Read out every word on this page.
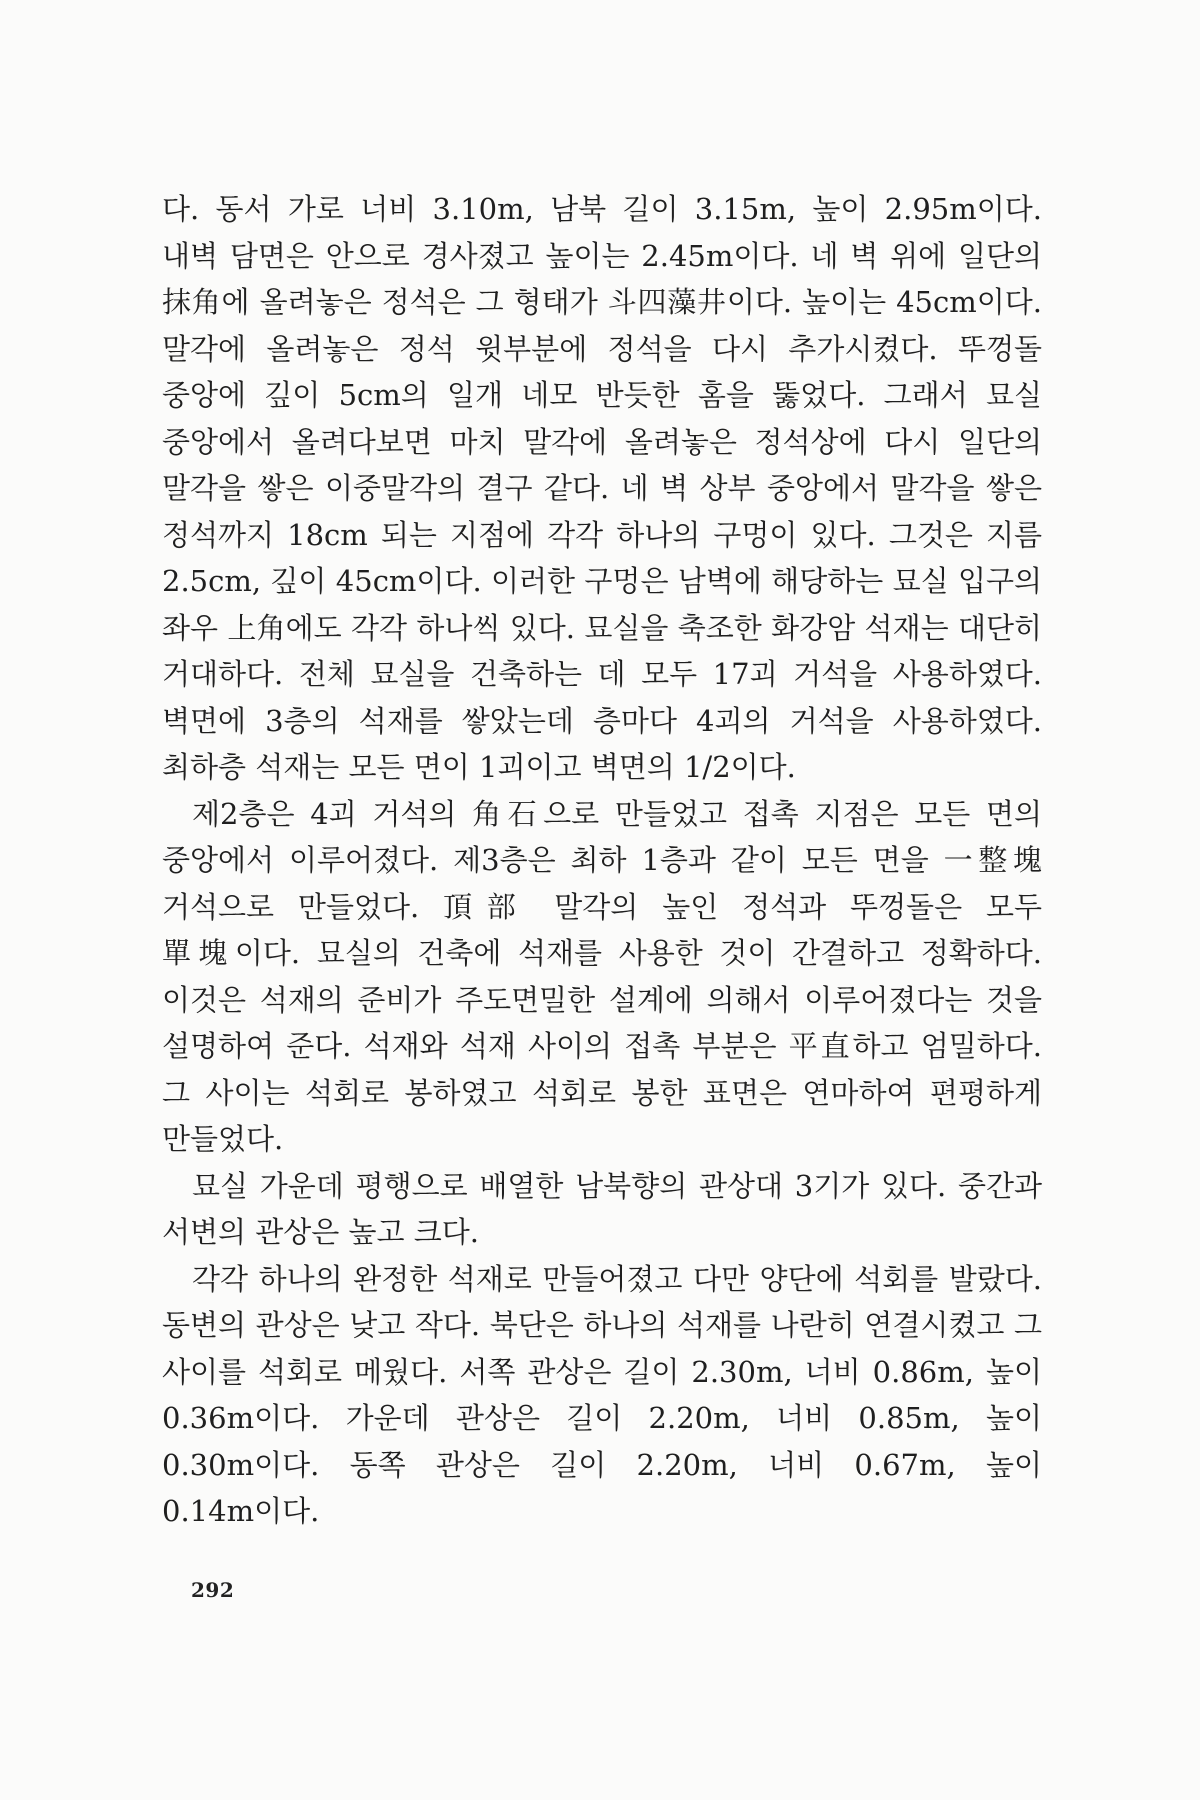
다. 동서 가로 너비 3.10m, 남북 길이 3.15m, 높이 2.95m이다. 내벽 담면은 안으로 경사졌고 높이는 2.45m이다. 네 벽 위에 일단의 抹角에 올려놓은 정석은 그 형태가 斗四藻井이다. 높이는 45cm이다. 말각에 올려놓은 정석 윗부분에 정석을 다시 추가시켰다. 뚜껑돌 중앙에 깊이 5cm의 일개 네모 반듯한 홈을 뚫었다. 그래서 묘실 중앙에서 올려다보면 마치 말각에 올려놓은 정석상에 다시 일단의 말각을 쌓은 이중말각의 결구 같다. 네 벽 상부 중앙에서 말각을 쌓은 정석까지 18cm 되는 지점에 각각 하나의 구멍이 있다. 그것은 지름 2.5cm, 깊이 45cm이다. 이러한 구멍은 남벽에 해당하는 묘실 입구의 좌우 上角에도 각각 하나씩 있다. 묘실을 축조한 화강암 석재는 대단히 거대하다. 전체 묘실을 건축하는 데 모두 17괴 거석을 사용하였다. 벽면에 3층의 석재를 쌓았는데 층마다 4괴의 거석을 사용하였다. 최하층 석재는 모든 면이 1괴이고 벽면의 1/2이다.

제2층은 4괴 거석의 角石으로 만들었고 접촉 지점은 모든 면의 중앙에서 이루어졌다. 제3층은 최하 1층과 같이 모든 면을 一整塊 거석으로 만들었다. 頂部 말각의 높인 정석과 뚜껑돌은 모두 單塊이다. 묘실의 건축에 석재를 사용한 것이 간결하고 정확하다. 이것은 석재의 준비가 주도면밀한 설계에 의해서 이루어졌다는 것을 설명하여 준다. 석재와 석재 사이의 접촉 부분은 平直하고 엄밀하다. 그 사이는 석회로 봉하였고 석회로 봉한 표면은 연마하여 편평하게 만들었다.

묘실 가운데 평행으로 배열한 남북향의 관상대 3기가 있다. 중간과 서변의 관상은 높고 크다.

각각 하나의 완정한 석재로 만들어졌고 다만 양단에 석회를 발랐다. 동변의 관상은 낮고 작다. 북단은 하나의 석재를 나란히 연결시켰고 그 사이를 석회로 메웠다. 서쪽 관상은 길이 2.30m, 너비 0.86m, 높이 0.36m이다. 가운데 관상은 길이 2.20m, 너비 0.85m, 높이 0.30m이다. 동쪽 관상은 길이 2.20m, 너비 0.67m, 높이 0.14m이다.

292
